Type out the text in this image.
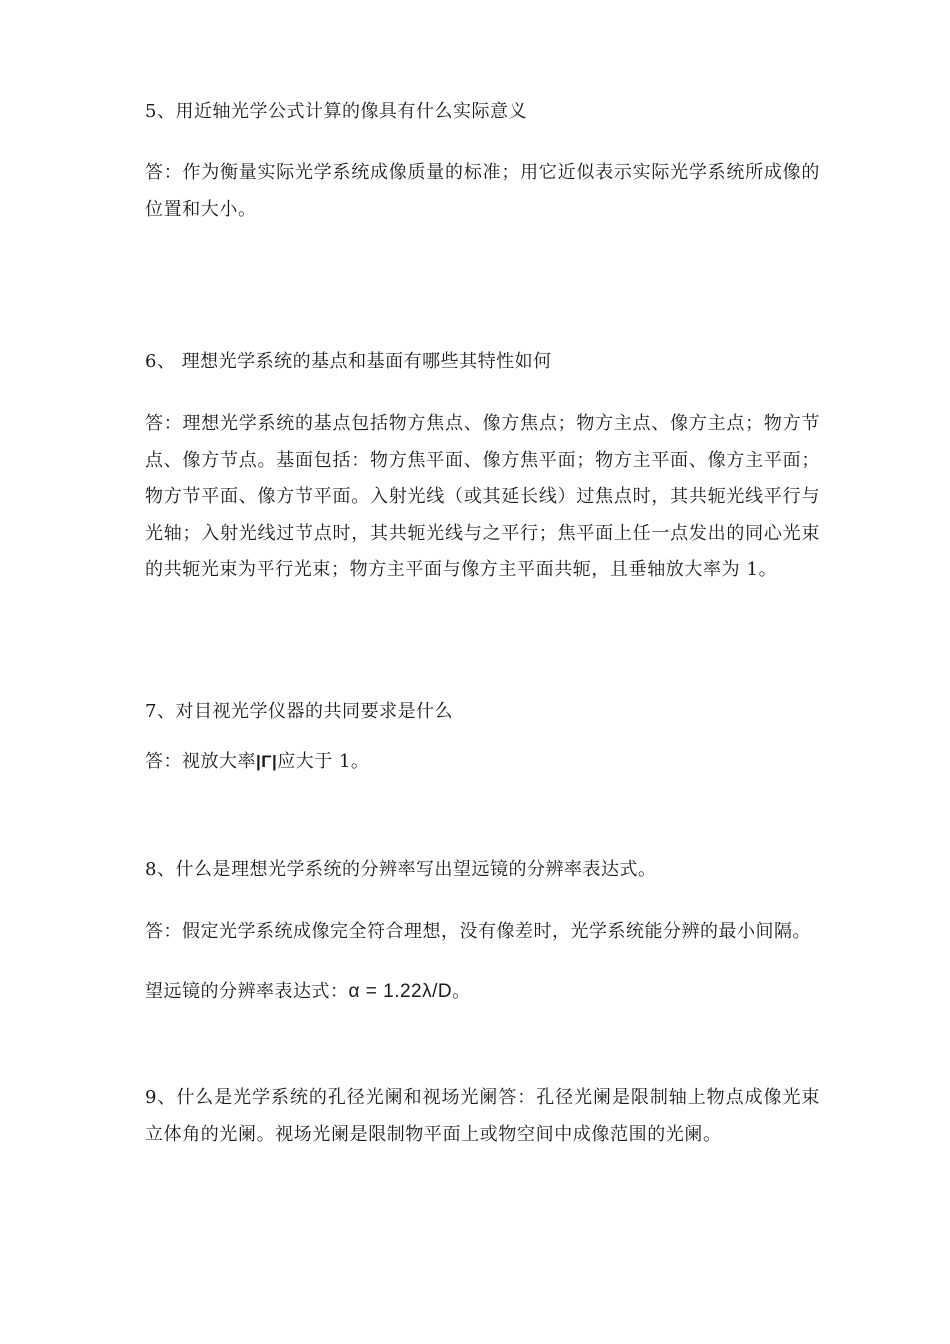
5、用近轴光学公式计算的像具有什么实际意义
答：作为衡量实际光学系统成像质量的标准；用它近似表示实际光学系统所成像的位置和大小。
6、 理想光学系统的基点和基面有哪些其特性如何
答：理想光学系统的基点包括物方焦点、像方焦点；物方主点、像方主点；物方节点、像方节点。基面包括：物方焦平面、像方焦平面；物方主平面、像方主平面；物方节平面、像方节平面。入射光线（或其延长线）过焦点时，其共轭光线平行与光轴；入射光线过节点时，其共轭光线与之平行；焦平面上任一点发出的同心光束的共轭光束为平行光束；物方主平面与像方主平面共轭，且垂轴放大率为 1。
7、对目视光学仪器的共同要求是什么
答：视放大率|Γ|应大于 1。
8、什么是理想光学系统的分辨率写出望远镜的分辨率表达式。
答：假定光学系统成像完全符合理想，没有像差时，光学系统能分辨的最小间隔。
望远镜的分辨率表达式：α = 1.22λ/D。
9、什么是光学系统的孔径光阑和视场光阑答：孔径光阑是限制轴上物点成像光束立体角的光阑。视场光阑是限制物平面上或物空间中成像范围的光阑。
